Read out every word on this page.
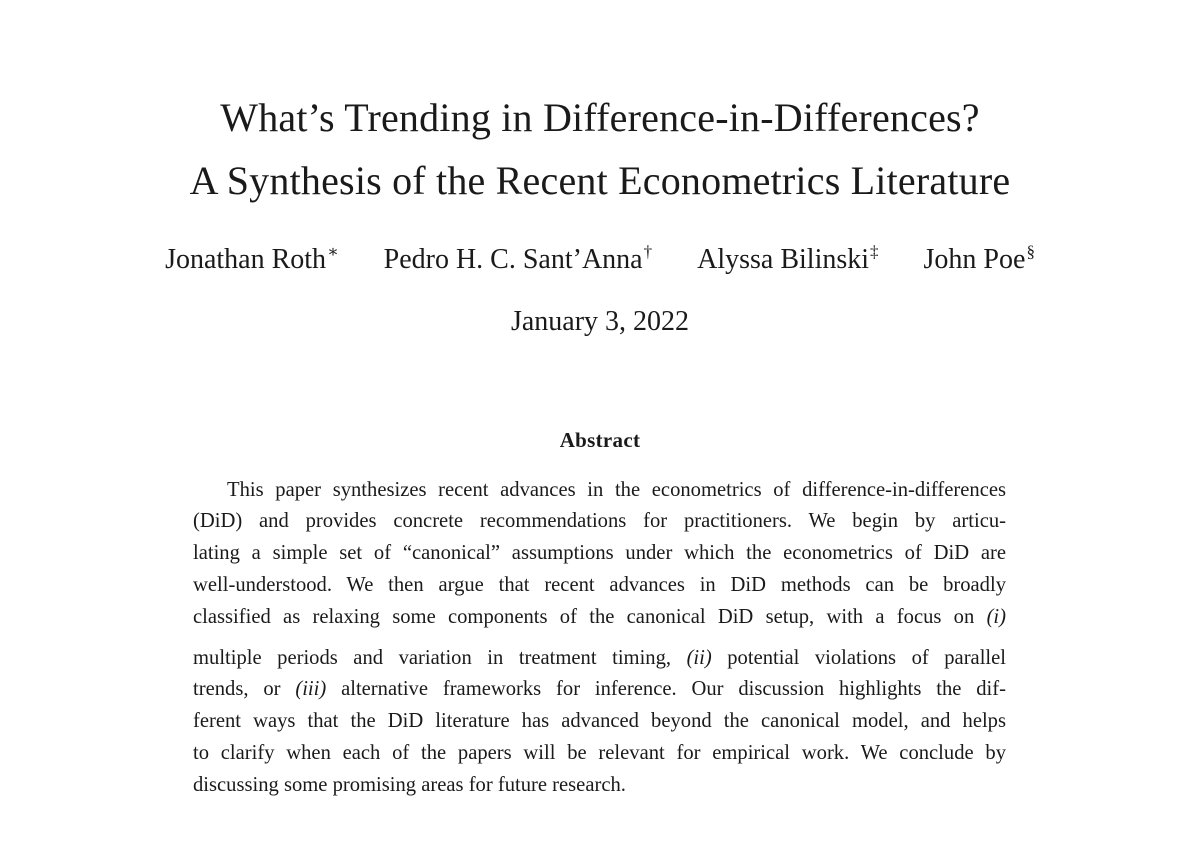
What’s Trending in Difference-in-Differences?
A Synthesis of the Recent Econometrics Literature
Jonathan Roth∗ Pedro H. C. Sant’Anna† Alyssa Bilinski‡ John Poe§
January 3, 2022
Abstract
This paper synthesizes recent advances in the econometrics of difference-in-differences
(DiD) and provides concrete recommendations for practitioners. We begin by articu-
lating a simple set of “canonical” assumptions under which the econometrics of DiD are
well-understood. We then argue that recent advances in DiD methods can be broadly
classified as relaxing some components of the canonical DiD setup, with a focus on (i)
multiple periods and variation in treatment timing, (ii) potential violations of parallel
trends, or (iii) alternative frameworks for inference. Our discussion highlights the dif-
ferent ways that the DiD literature has advanced beyond the canonical model, and helps
to clarify when each of the papers will be relevant for empirical work. We conclude by
discussing some promising areas for future research.
